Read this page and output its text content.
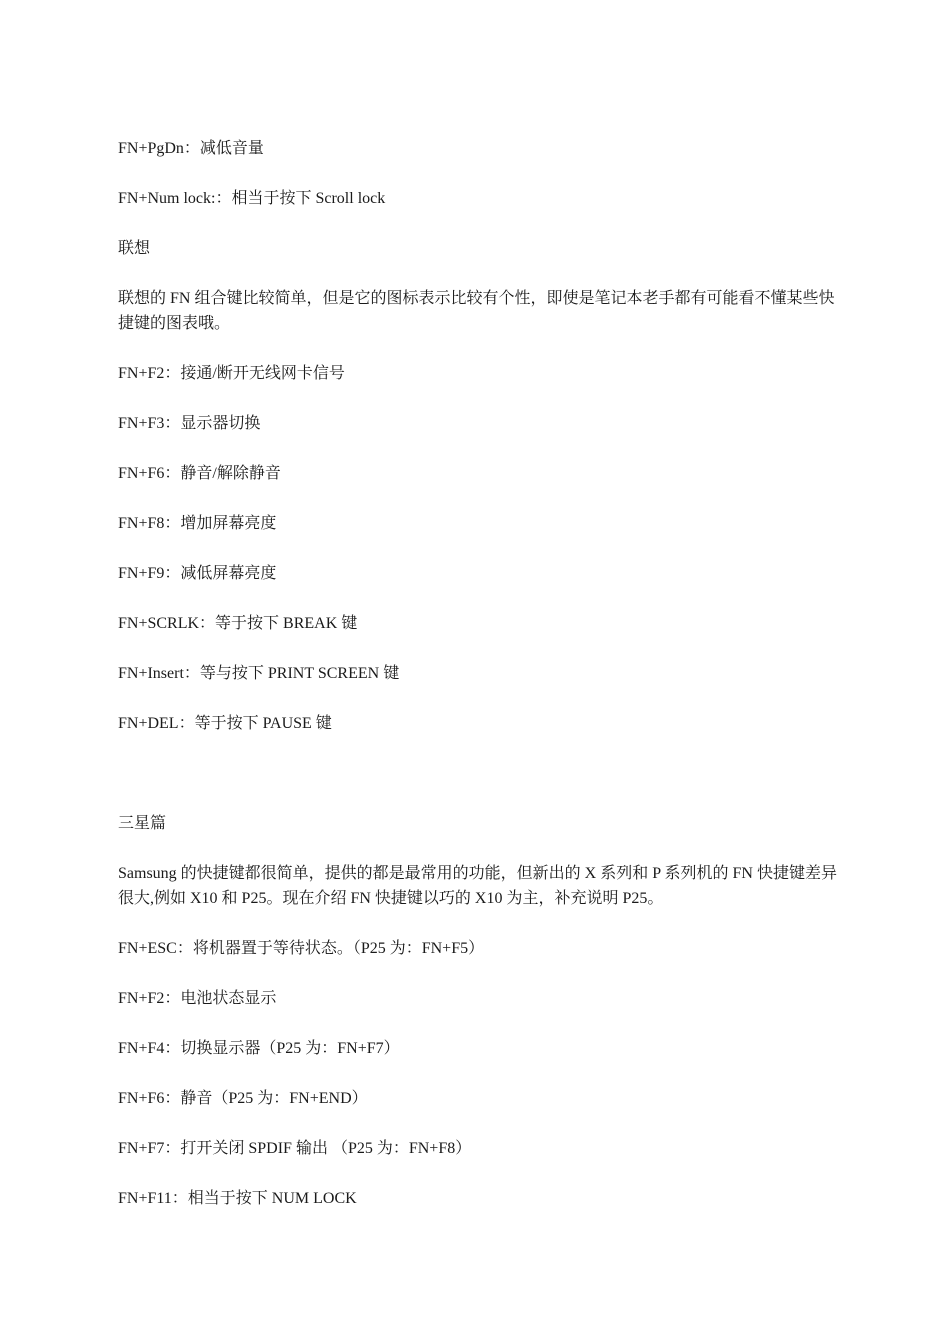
FN+PgDn：减低音量

FN+Num lock:：相当于按下 Scroll lock

联想

联想的 FN 组合键比较简单，但是它的图标表示比较有个性，即使是笔记本老手都有可能看不懂某些快捷键的图表哦。

FN+F2：接通/断开无线网卡信号

FN+F3：显示器切换

FN+F6：静音/解除静音

FN+F8：增加屏幕亮度

FN+F9：减低屏幕亮度

FN+SCRLK：等于按下 BREAK 键

FN+Insert：等与按下 PRINT SCREEN 键

FN+DEL：等于按下 PAUSE 键

三星篇

Samsung 的快捷键都很简单，提供的都是最常用的功能，但新出的 X 系列和 P 系列机的 FN 快捷键差异很大,例如 X10 和 P25。现在介绍 FN 快捷键以巧的 X10 为主，补充说明 P25。

FN+ESC：将机器置于等待状态。（P25 为：FN+F5）

FN+F2：电池状态显示

FN+F4：切换显示器（P25 为：FN+F7）

FN+F6：静音（P25 为：FN+END）

FN+F7：打开关闭 SPDIF 输出 （P25 为：FN+F8）

FN+F11：相当于按下 NUM LOCK
